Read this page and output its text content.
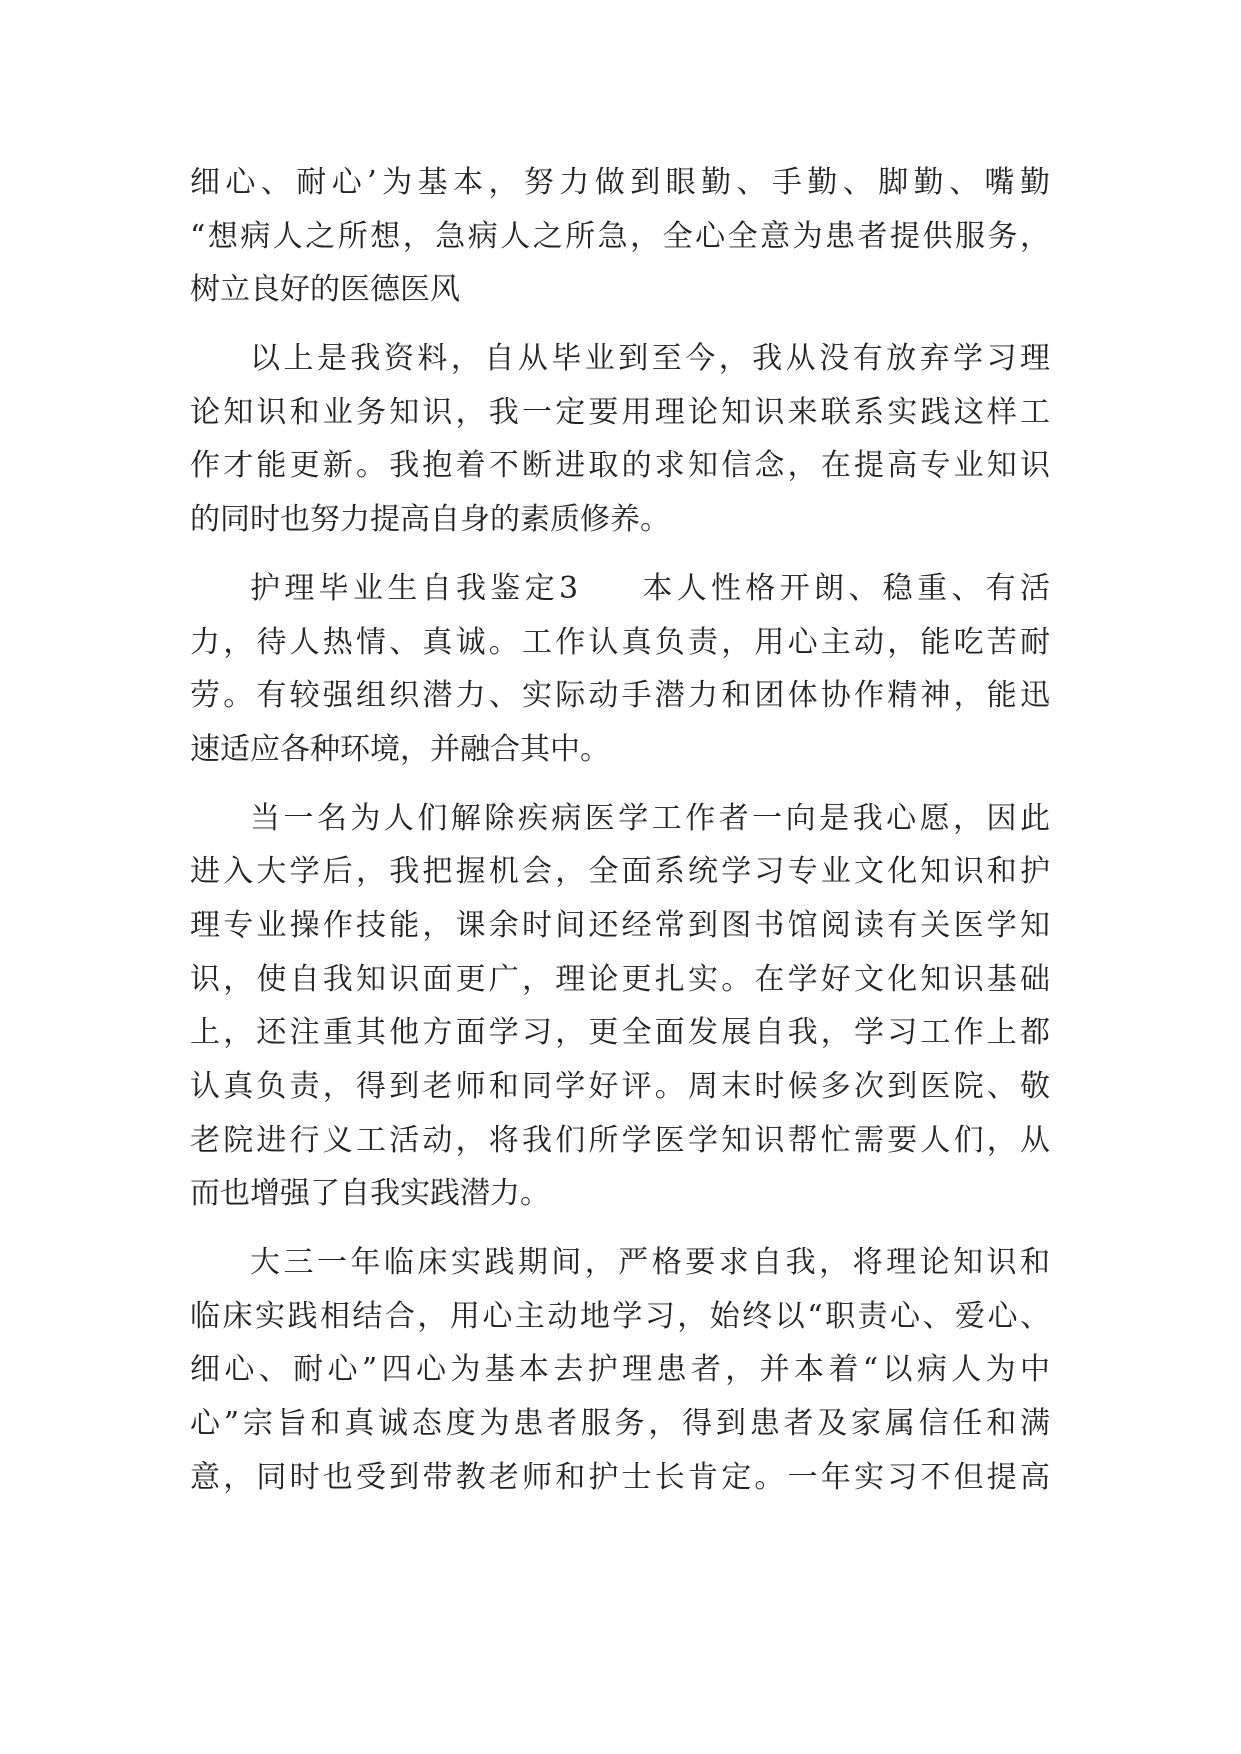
细心、耐心’为基本，努力做到眼勤、手勤、脚勤、嘴勤
“想病人之所想，急病人之所急，全心全意为患者提供服务，
树立良好的医德医风
以上是我资料，自从毕业到至今，我从没有放弃学习理
论知识和业务知识，我一定要用理论知识来联系实践这样工
作才能更新。我抱着不断进取的求知信念，在提高专业知识
的同时也努力提高自身的素质修养。
护理毕业生自我鉴定3 本人性格开朗、稳重、有活
力，待人热情、真诚。工作认真负责，用心主动，能吃苦耐
劳。有较强组织潜力、实际动手潜力和团体协作精神，能迅
速适应各种环境，并融合其中。
当一名为人们解除疾病医学工作者一向是我心愿，因此
进入大学后，我把握机会，全面系统学习专业文化知识和护
理专业操作技能，课余时间还经常到图书馆阅读有关医学知
识，使自我知识面更广，理论更扎实。在学好文化知识基础
上，还注重其他方面学习，更全面发展自我，学习工作上都
认真负责，得到老师和同学好评。周末时候多次到医院、敬
老院进行义工活动，将我们所学医学知识帮忙需要人们，从
而也增强了自我实践潜力。
大三一年临床实践期间，严格要求自我，将理论知识和
临床实践相结合，用心主动地学习，始终以“职责心、爱心、
细心、耐心”四心为基本去护理患者，并本着“以病人为中
心”宗旨和真诚态度为患者服务，得到患者及家属信任和满
意，同时也受到带教老师和护士长肯定。一年实习不但提高
